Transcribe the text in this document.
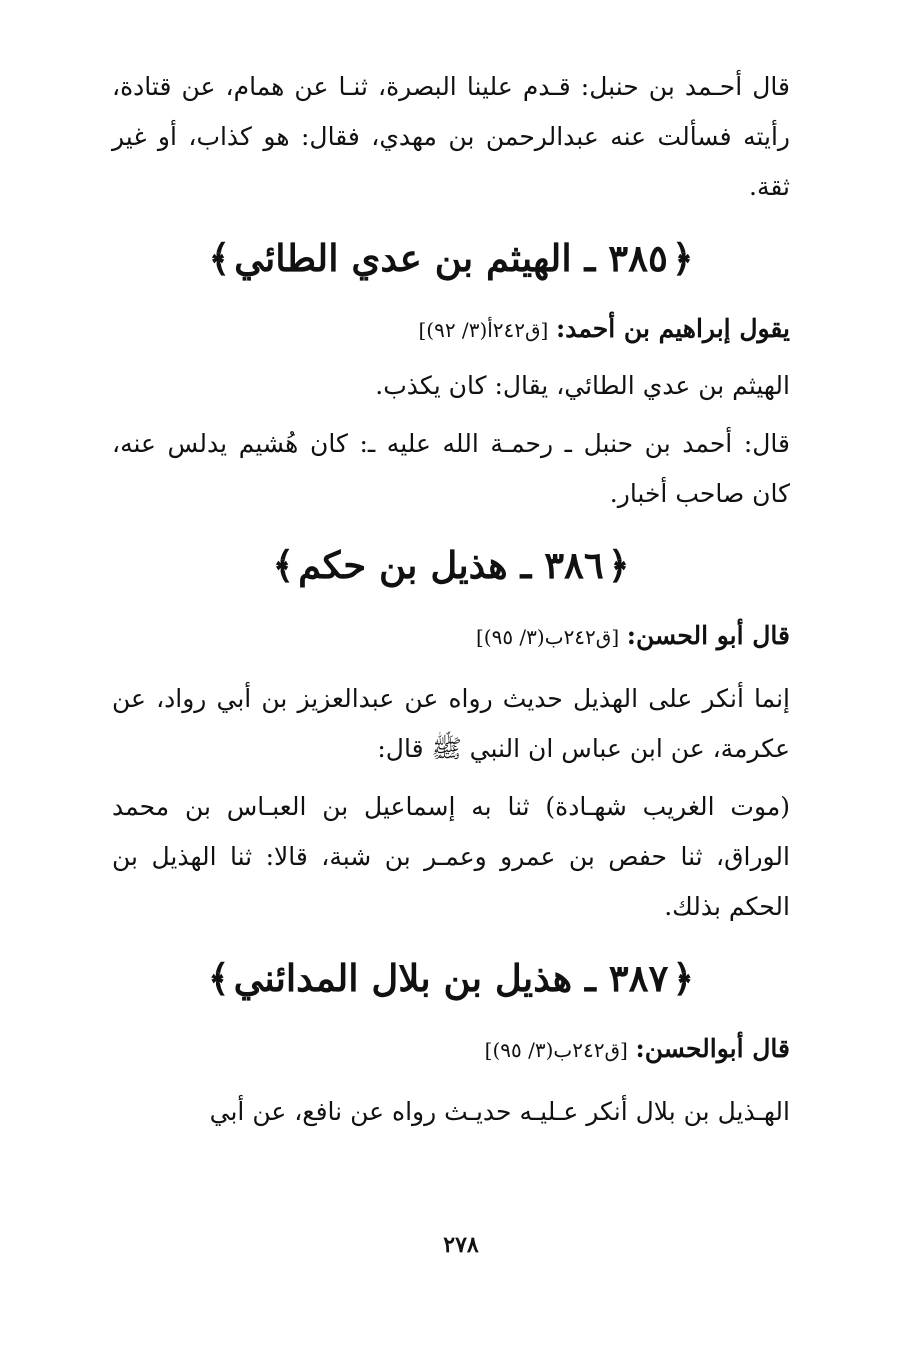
قال أحـمد بن حنبل: قـدم علينا البصرة، ثنـا عن همام، عن قتادة، رأيته فسألت عنه عبدالرحمن بن مهدي، فقال: هو كذاب، أو غير ثقة.

﴿٣٨٥ ـ الهيثم بن عدي الطائي﴾

يقول إبراهيم بن أحمد: [ق٢٤٢أ(٣/ ٩٢)]

الهيثم بن عدي الطائي، يقال: كان يكذب.

قال: أحمد بن حنبل ـ رحمـة الله عليه ـ: كان هُشيم يدلس عنه، كان صاحب أخبار.

﴿٣٨٦ ـ هذيل بن حكم﴾

قال أبو الحسن: [ق٢٤٢ب(٣/ ٩٥)]

إنما أنكر على الهذيل حديث رواه عن عبدالعزيز بن أبي رواد، عن عكرمة، عن ابن عباس ان النبي ﷺ قال:

(موت الغريب شهـادة) ثنا به إسماعيل بن العبـاس بن محمد الوراق، ثنا حفص بن عمرو وعمـر بن شبة، قالا: ثنا الهذيل بن الحكم بذلك.

﴿٣٨٧ ـ هذيل بن بلال المدائني﴾

قال أبوالحسن: [ق٢٤٢ب(٣/ ٩٥)]

الهـذيل بن بلال أنكر عـليـه حديـث رواه عن نافع، عن أبي

٢٧٨
